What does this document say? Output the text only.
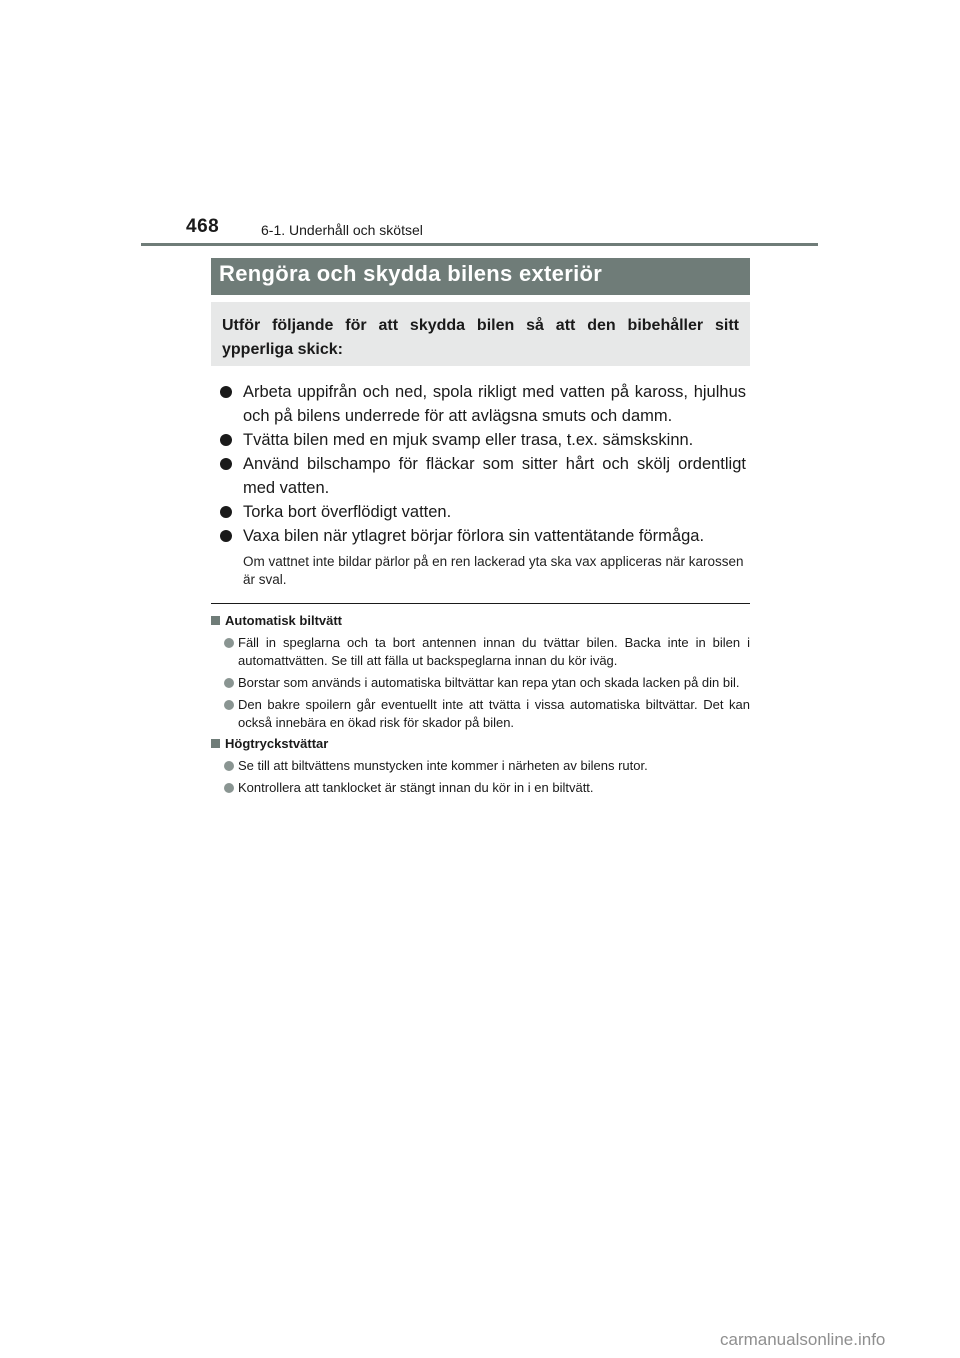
468	6-1. Underhåll och skötsel
Rengöra och skydda bilens exteriör
Utför följande för att skydda bilen så att den bibehåller sitt ypperliga skick:
Arbeta uppifrån och ned, spola rikligt med vatten på kaross, hjulhus och på bilens underrede för att avlägsna smuts och damm.
Tvätta bilen med en mjuk svamp eller trasa, t.ex. sämskskinn.
Använd bilschampo för fläckar som sitter hårt och skölj ordentligt med vatten.
Torka bort överflödigt vatten.
Vaxa bilen när ytlagret börjar förlora sin vattentätande förmåga.
Om vattnet inte bildar pärlor på en ren lackerad yta ska vax appliceras när karossen är sval.
Automatisk biltvätt
Fäll in speglarna och ta bort antennen innan du tvättar bilen. Backa inte in bilen i automattvätten. Se till att fälla ut backspeglarna innan du kör iväg.
Borstar som används i automatiska biltvättar kan repa ytan och skada lacken på din bil.
Den bakre spoilern går eventuellt inte att tvätta i vissa automatiska biltvättar. Det kan också innebära en ökad risk för skador på bilen.
Högtryckstvättar
Se till att biltvättens munstycken inte kommer i närheten av bilens rutor.
Kontrollera att tanklocket är stängt innan du kör in i en biltvätt.
carmanualsonline.info
